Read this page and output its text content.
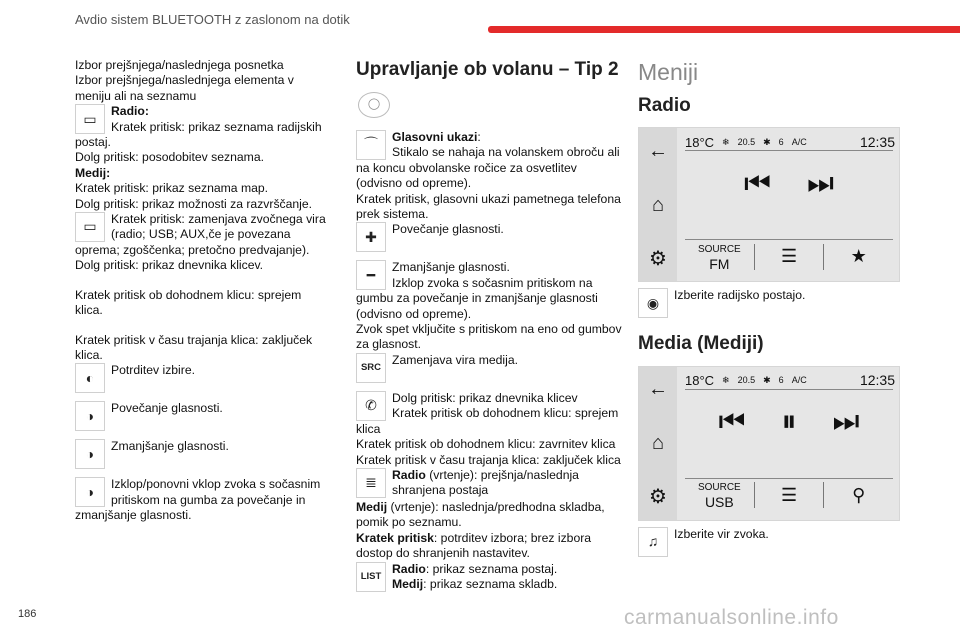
Avdio sistem BLUETOOTH z zaslonom na dotik
Izbor prejšnjega/naslednjega posnetka
Izbor prejšnjega/naslednjega elementa v meniju ali na seznamu
▭	Radio:
Kratek pritisk: prikaz seznama radijskih postaj.
Dolg pritisk: posodobitev seznama.
Medij:
Kratek pritisk: prikaz seznama map.
Dolg pritisk: prikaz možnosti za razvrščanje.
▭	Kratek pritisk: zamenjava zvočnega vira (radio; USB; AUX,če je povezana oprema; zgoščenka; pretočno predvajanje).
Dolg pritisk: prikaz dnevnika klicev.
Kratek pritisk ob dohodnem klicu: sprejem klica.
Kratek pritisk v času trajanja klica: zaključek klica.
◐	Potrditev izbire.
◑	Povečanje glasnosti.
◑	Zmanjšanje glasnosti.
◑	Izklop/ponovni vklop zvoka s sočasnim pritiskom na gumba za povečanje in zmanjšanje glasnosti.
Upravljanje ob volanu – Tip 2
◯
⌒	Glasovni ukazi:
Stikalo se nahaja na volanskem obroču ali na koncu obvolanske ročice za osvetlitev (odvisno od opreme).
Kratek pritisk, glasovni ukazi pametnega telefona prek sistema.
✚	Povečanje glasnosti.
━	Zmanjšanje glasnosti.
Izklop zvoka s sočasnim pritiskom na gumbu za povečanje in zmanjšanje glasnosti (odvisno od opreme).
Zvok spet vključite s pritiskom na eno od gumbov za glasnost.
SRC
Zamenjava vira medija.
✆	Dolg pritisk: prikaz dnevnika klicev
Kratek pritisk ob dohodnem klicu: sprejem klica
Kratek pritisk ob dohodnem klicu: zavrnitev klica
Kratek pritisk v času trajanja klica: zaključek klica
≣	Radio (vrtenje): prejšnja/naslednja shranjena postaja
Medij (vrtenje): naslednja/predhodna skladba, pomik po seznamu.
Kratek pritisk: potrditev izbora; brez izbora dostop do shranjenih nastavitev.
LIST
Radio: prikaz seznama postaj.
Medij: prikaz seznama skladb.
Meniji
Radio
←
⌂
⚙
18°C ❄ 20.5 ✱ 6 A/C	12:35
⏮ ⏭
SOURCE
FM	☰	★
◉	Izberite radijsko postajo.
Media (Mediji)
←
⌂
⚙
18°C ❄ 20.5 ✱ 6 A/C	12:35
⏮ ⏸ ⏭
SOURCE
USB	☰	⚲
♫	Izberite vir zvoka.
186	carmanualsonline.info
